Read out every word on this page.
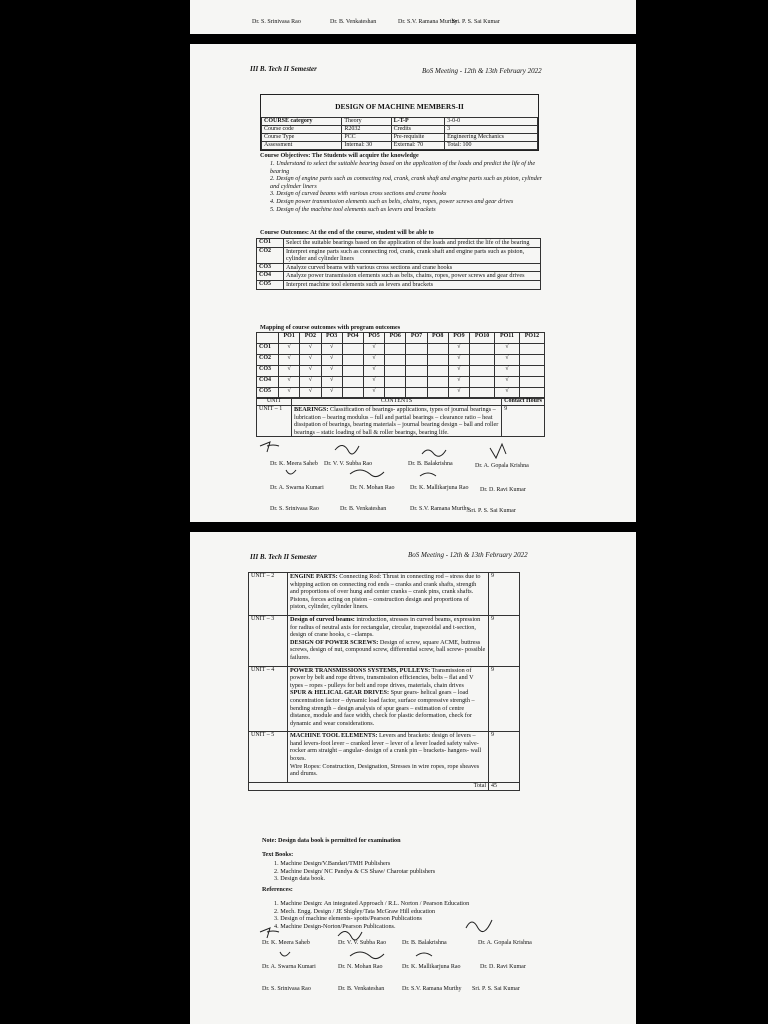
Dr. S. Srinivasa Rao	Dr. B. Venkateshan	Dr. S.V. Ramana Murthy
Sri. P. S. Sai Kumar
III B. Tech II Semester	BoS Meeting - 12th & 13th February 2022
DESIGN OF MACHINE MEMBERS-II
COURSE category	Theory	L-T-P	3-0-0
Course code	R2032	Credits	3
Course Type	PCC	Pre-requisite	Engineering Mechanics
Assessment	Internal: 30	External: 70	Total: 100
Course Objectives: The Students will acquire the knowledge
1. Understand to select the suitable bearing based on the application of the loads and predict the life of the bearing
2. Design of engine parts such as connecting rod, crank, crank shaft and engine parts such as piston, cylinder and cylinder liners
3. Design of curved beams with various cross sections and crane hooks
4. Design power transmission elements such as belts, chains, ropes, power screws and gear drives
5. Design of the machine tool elements such as levers and brackets
Course Outcomes: At the end of the course, student will be able to
CO1	Select the suitable bearings based on the application of the loads and predict the life of the bearing
CO2	Interpret engine parts such as connecting rod, crank, crank shaft and engine parts such as piston, cylinder and cylinder liners
CO3	Analyze curved beams with various cross sections and crane hooks
CO4	Analyze power transmission elements such as belts, chains, ropes, power screws and gear drives
CO5	Interpret machine tool elements such as levers and brackets
Mapping of course outcomes with program outcomes
	PO1	PO2	PO3	PO4	PO5	PO6	PO7	PO8	PO9	PO10	PO11	PO12
CO1	√	√	√		√				√		√	
CO2	√	√	√		√				√		√	
CO3	√	√	√		√				√		√	
CO4	√	√	√		√				√		√	
CO5	√	√	√		√				√		√	
UNIT	CONTENTS	Contact Hours
UNIT – 1	BEARINGS: Classification of bearings- applications, types of journal bearings – lubrication – bearing modulus – full and partial bearings – clearance ratio – heat dissipation of bearings, bearing materials – journal bearing design – ball and roller bearings – static loading of ball & roller bearings, bearing life.	9
Dr. K. Meera Saheb Dr. V. V. Subba Rao	Dr. B. Balakrishna	Dr. A. Gopala Krishna
Dr. A. Swarna Kumari	Dr. N. Mohan Rao	Dr. K. Mallikarjuna Rao Dr. D. Ravi Kumar
Dr. S. Srinivasa Rao	Dr. B. Venkateshan	Dr. S.V. Ramana Murthy
Sri. P. S. Sai Kumar
III B. Tech II Semester	BoS Meeting - 12th & 13th February 2022
UNIT – 2	ENGINE PARTS: Connecting Rod: Thrust in connecting rod – stress due to whipping action on connecting rod ends – cranks and crank shafts, strength and proportions of over hung and center cranks – crank pins, crank shafts.
Pistons, forces acting on piston – construction design and proportions of piston, cylinder, cylinder liners.	9
UNIT – 3	Design of curved beams: introduction, stresses in curved beams, expression for radius of neutral axis for rectangular, circular, trapezoidal and t-section, design of crane hooks, c –clamps.
DESIGN OF POWER SCREWS: Design of screw, square ACME, buttress screws, design of nut, compound screw, differential screw, ball screw- possible failures.	9
UNIT – 4	POWER TRANSMISSIONS SYSTEMS, PULLEYS: Transmission of power by belt and rope drives, transmission efficiencies, belts – flat and V types – ropes - pulleys for belt and rope drives, materials, chain drives
SPUR & HELICAL GEAR DRIVES: Spur gears- helical gears – load concentration factor – dynamic load factor, surface compressive strength – bending strength – design analysis of spur gears – estimation of centre distance, module and face width, check for plastic deformation, check for dynamic and wear considerations.	9
UNIT – 5	MACHINE TOOL ELEMENTS: Levers and brackets: design of levers – hand levers-foot lever – cranked lever – lever of a lever loaded safety valve- rocker arm straight – angular- design of a crank pin – brackets- hangers- wall boxes.
Wire Ropes: Construction, Designation, Stresses in wire ropes, rope sheaves and drums.	9
Total		45
Note: Design data book is permitted for examination
Text Books:
1. Machine Design/V.Bandari/TMH Publishers
2. Machine Design/ NC Pandya & CS Shaw/ Charotar publishers
3. Design data book.
References:
1. Machine Design: An integrated Approach / R.L. Norton / Pearson Education
2. Mech. Engg. Design / JE Shigley/Tata McGraw Hill education
3. Design of machine elements- spotts/Pearson Publications
4. Machine Design-Norton/Pearson Publications.
Dr. K. Meera Saheb	Dr. V. V. Subba Rao	Dr. B. Balakrishna	Dr. A. Gopala Krishna
Dr. A. Swarna Kumari	Dr. N. Mohan Rao	Dr. K. Mallikarjuna Rao	Dr. D. Ravi Kumar
Dr. S. Srinivasa Rao	Dr. B. Venkateshan	Dr. S.V. Ramana Murthy Sri. P. S. Sai Kumar
